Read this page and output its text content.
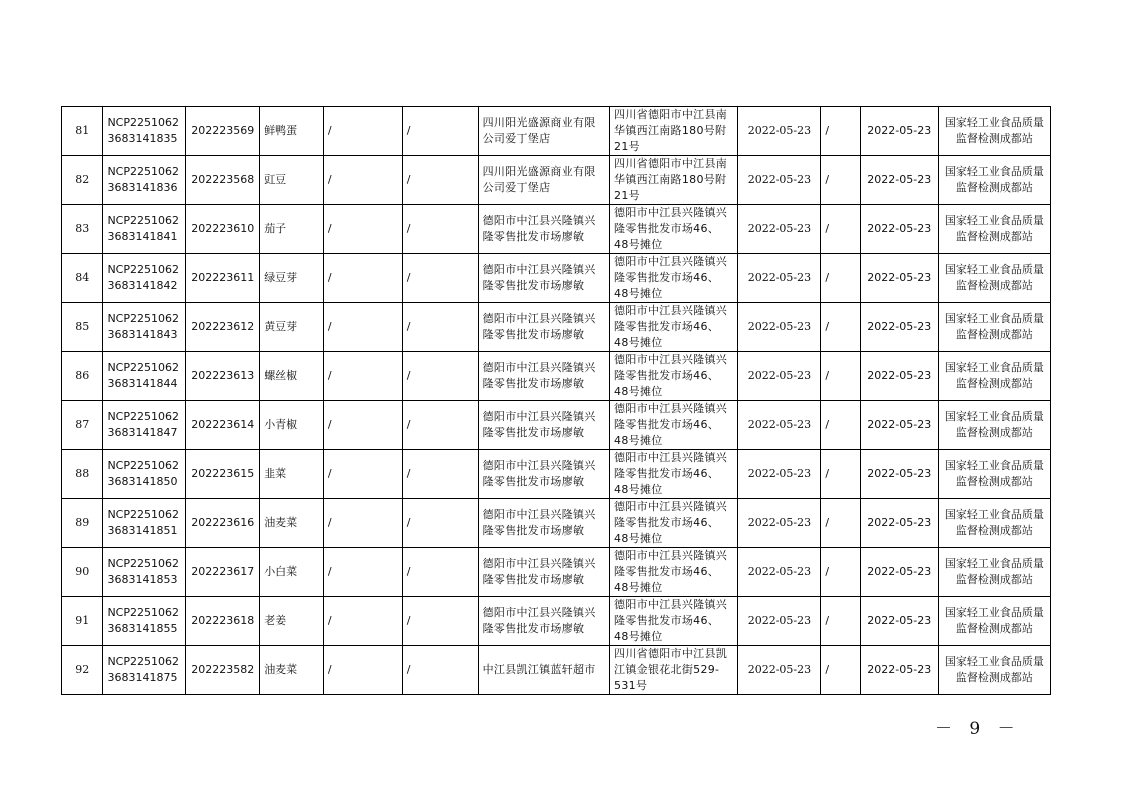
81	NCP2251062 3683141835	202223569	鲜鸭蛋	/	/	四川阳光盛源商业有限公司爱丁堡店	四川省德阳市中江县南华镇西江南路180号附21号	2022-05-23	/	2022-05-23	国家轻工业食品质量监督检测成都站
82	NCP2251062 3683141836	202223568	豇豆	/	/	四川阳光盛源商业有限公司爱丁堡店	四川省德阳市中江县南华镇西江南路180号附21号	2022-05-23	/	2022-05-23	国家轻工业食品质量监督检测成都站
83	NCP2251062 3683141841	202223610	茄子	/	/	德阳市中江县兴隆镇兴隆零售批发市场廖敏	德阳市中江县兴隆镇兴隆零售批发市场46、48号摊位	2022-05-23	/	2022-05-23	国家轻工业食品质量监督检测成都站
84	NCP2251062 3683141842	202223611	绿豆芽	/	/	德阳市中江县兴隆镇兴隆零售批发市场廖敏	德阳市中江县兴隆镇兴隆零售批发市场46、48号摊位	2022-05-23	/	2022-05-23	国家轻工业食品质量监督检测成都站
85	NCP2251062 3683141843	202223612	黄豆芽	/	/	德阳市中江县兴隆镇兴隆零售批发市场廖敏	德阳市中江县兴隆镇兴隆零售批发市场46、48号摊位	2022-05-23	/	2022-05-23	国家轻工业食品质量监督检测成都站
86	NCP2251062 3683141844	202223613	螺丝椒	/	/	德阳市中江县兴隆镇兴隆零售批发市场廖敏	德阳市中江县兴隆镇兴隆零售批发市场46、48号摊位	2022-05-23	/	2022-05-23	国家轻工业食品质量监督检测成都站
87	NCP2251062 3683141847	202223614	小青椒	/	/	德阳市中江县兴隆镇兴隆零售批发市场廖敏	德阳市中江县兴隆镇兴隆零售批发市场46、48号摊位	2022-05-23	/	2022-05-23	国家轻工业食品质量监督检测成都站
88	NCP2251062 3683141850	202223615	韭菜	/	/	德阳市中江县兴隆镇兴隆零售批发市场廖敏	德阳市中江县兴隆镇兴隆零售批发市场46、48号摊位	2022-05-23	/	2022-05-23	国家轻工业食品质量监督检测成都站
89	NCP2251062 3683141851	202223616	油麦菜	/	/	德阳市中江县兴隆镇兴隆零售批发市场廖敏	德阳市中江县兴隆镇兴隆零售批发市场46、48号摊位	2022-05-23	/	2022-05-23	国家轻工业食品质量监督检测成都站
90	NCP2251062 3683141853	202223617	小白菜	/	/	德阳市中江县兴隆镇兴隆零售批发市场廖敏	德阳市中江县兴隆镇兴隆零售批发市场46、48号摊位	2022-05-23	/	2022-05-23	国家轻工业食品质量监督检测成都站
91	NCP2251062 3683141855	202223618	老姜	/	/	德阳市中江县兴隆镇兴隆零售批发市场廖敏	德阳市中江县兴隆镇兴隆零售批发市场46、48号摊位	2022-05-23	/	2022-05-23	国家轻工业食品质量监督检测成都站
92	NCP2251062 3683141875	202223582	油麦菜	/	/	中江县凯江镇蓝轩超市	四川省德阳市中江县凯江镇金银花北街529-531号	2022-05-23	/	2022-05-23	国家轻工业食品质量监督检测成都站
－ 9 －
